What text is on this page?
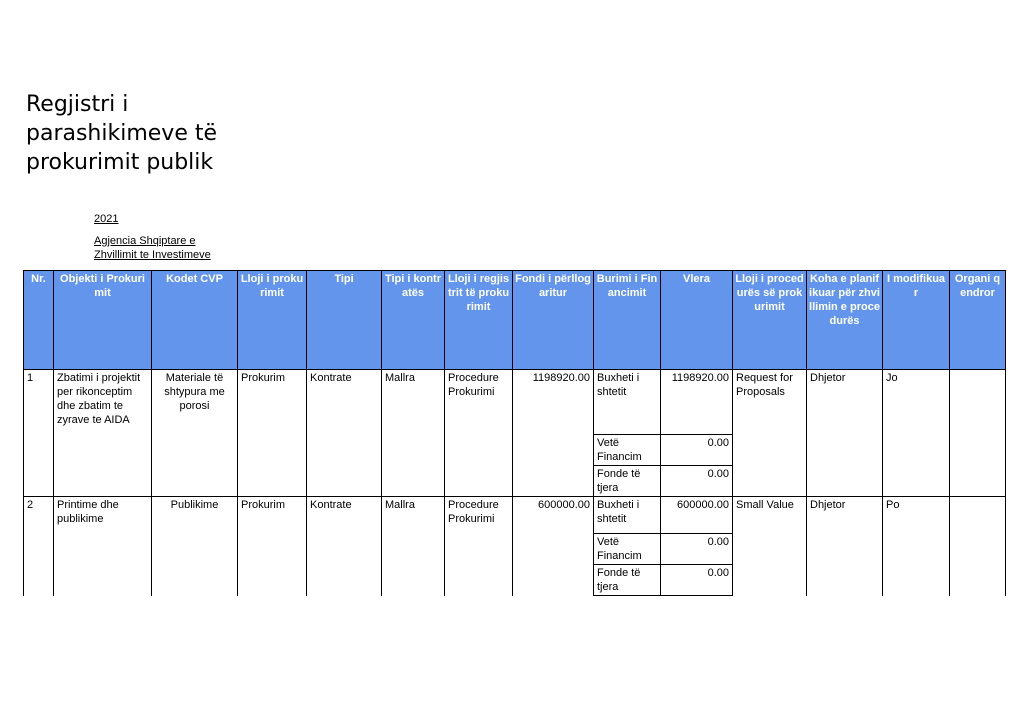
Regjistri i parashikimeve të prokurimit publik
2021
Agjencia Shqiptare e Zhvillimit te Investimeve
Nr.	Objekti i Prokurimit	Kodet CVP	Lloji i prokurimit	Tipi	Tipi i kontratës	Lloji i regjistrit të prokurimit	Fondi i përllogaritur	Burimi i Financimit	Vlera	Lloji i procedurës së prokurimit	Koha e planifikuar për zhvillimin e procedurës	I modifikuar	Organi qendror
1	Zbatimi i projektit per rikonceptim dhe zbatim te zyrave te AIDA	Materiale të shtypura me porosi	Prokurim	Kontrate	Mallra	Procedure Prokurimi	1198920.00	Buxheti i shtetit	1198920.00	Request for Proposals	Dhjetor	Jo	
								Vetë Financim	0.00				
								Fonde të tjera	0.00				
2	Printime dhe publikime	Publikime	Prokurim	Kontrate	Mallra	Procedure Prokurimi	600000.00	Buxheti i shtetit	600000.00	Small Value	Dhjetor	Po	
								Vetë Financim	0.00				
								Fonde të tjera	0.00				
